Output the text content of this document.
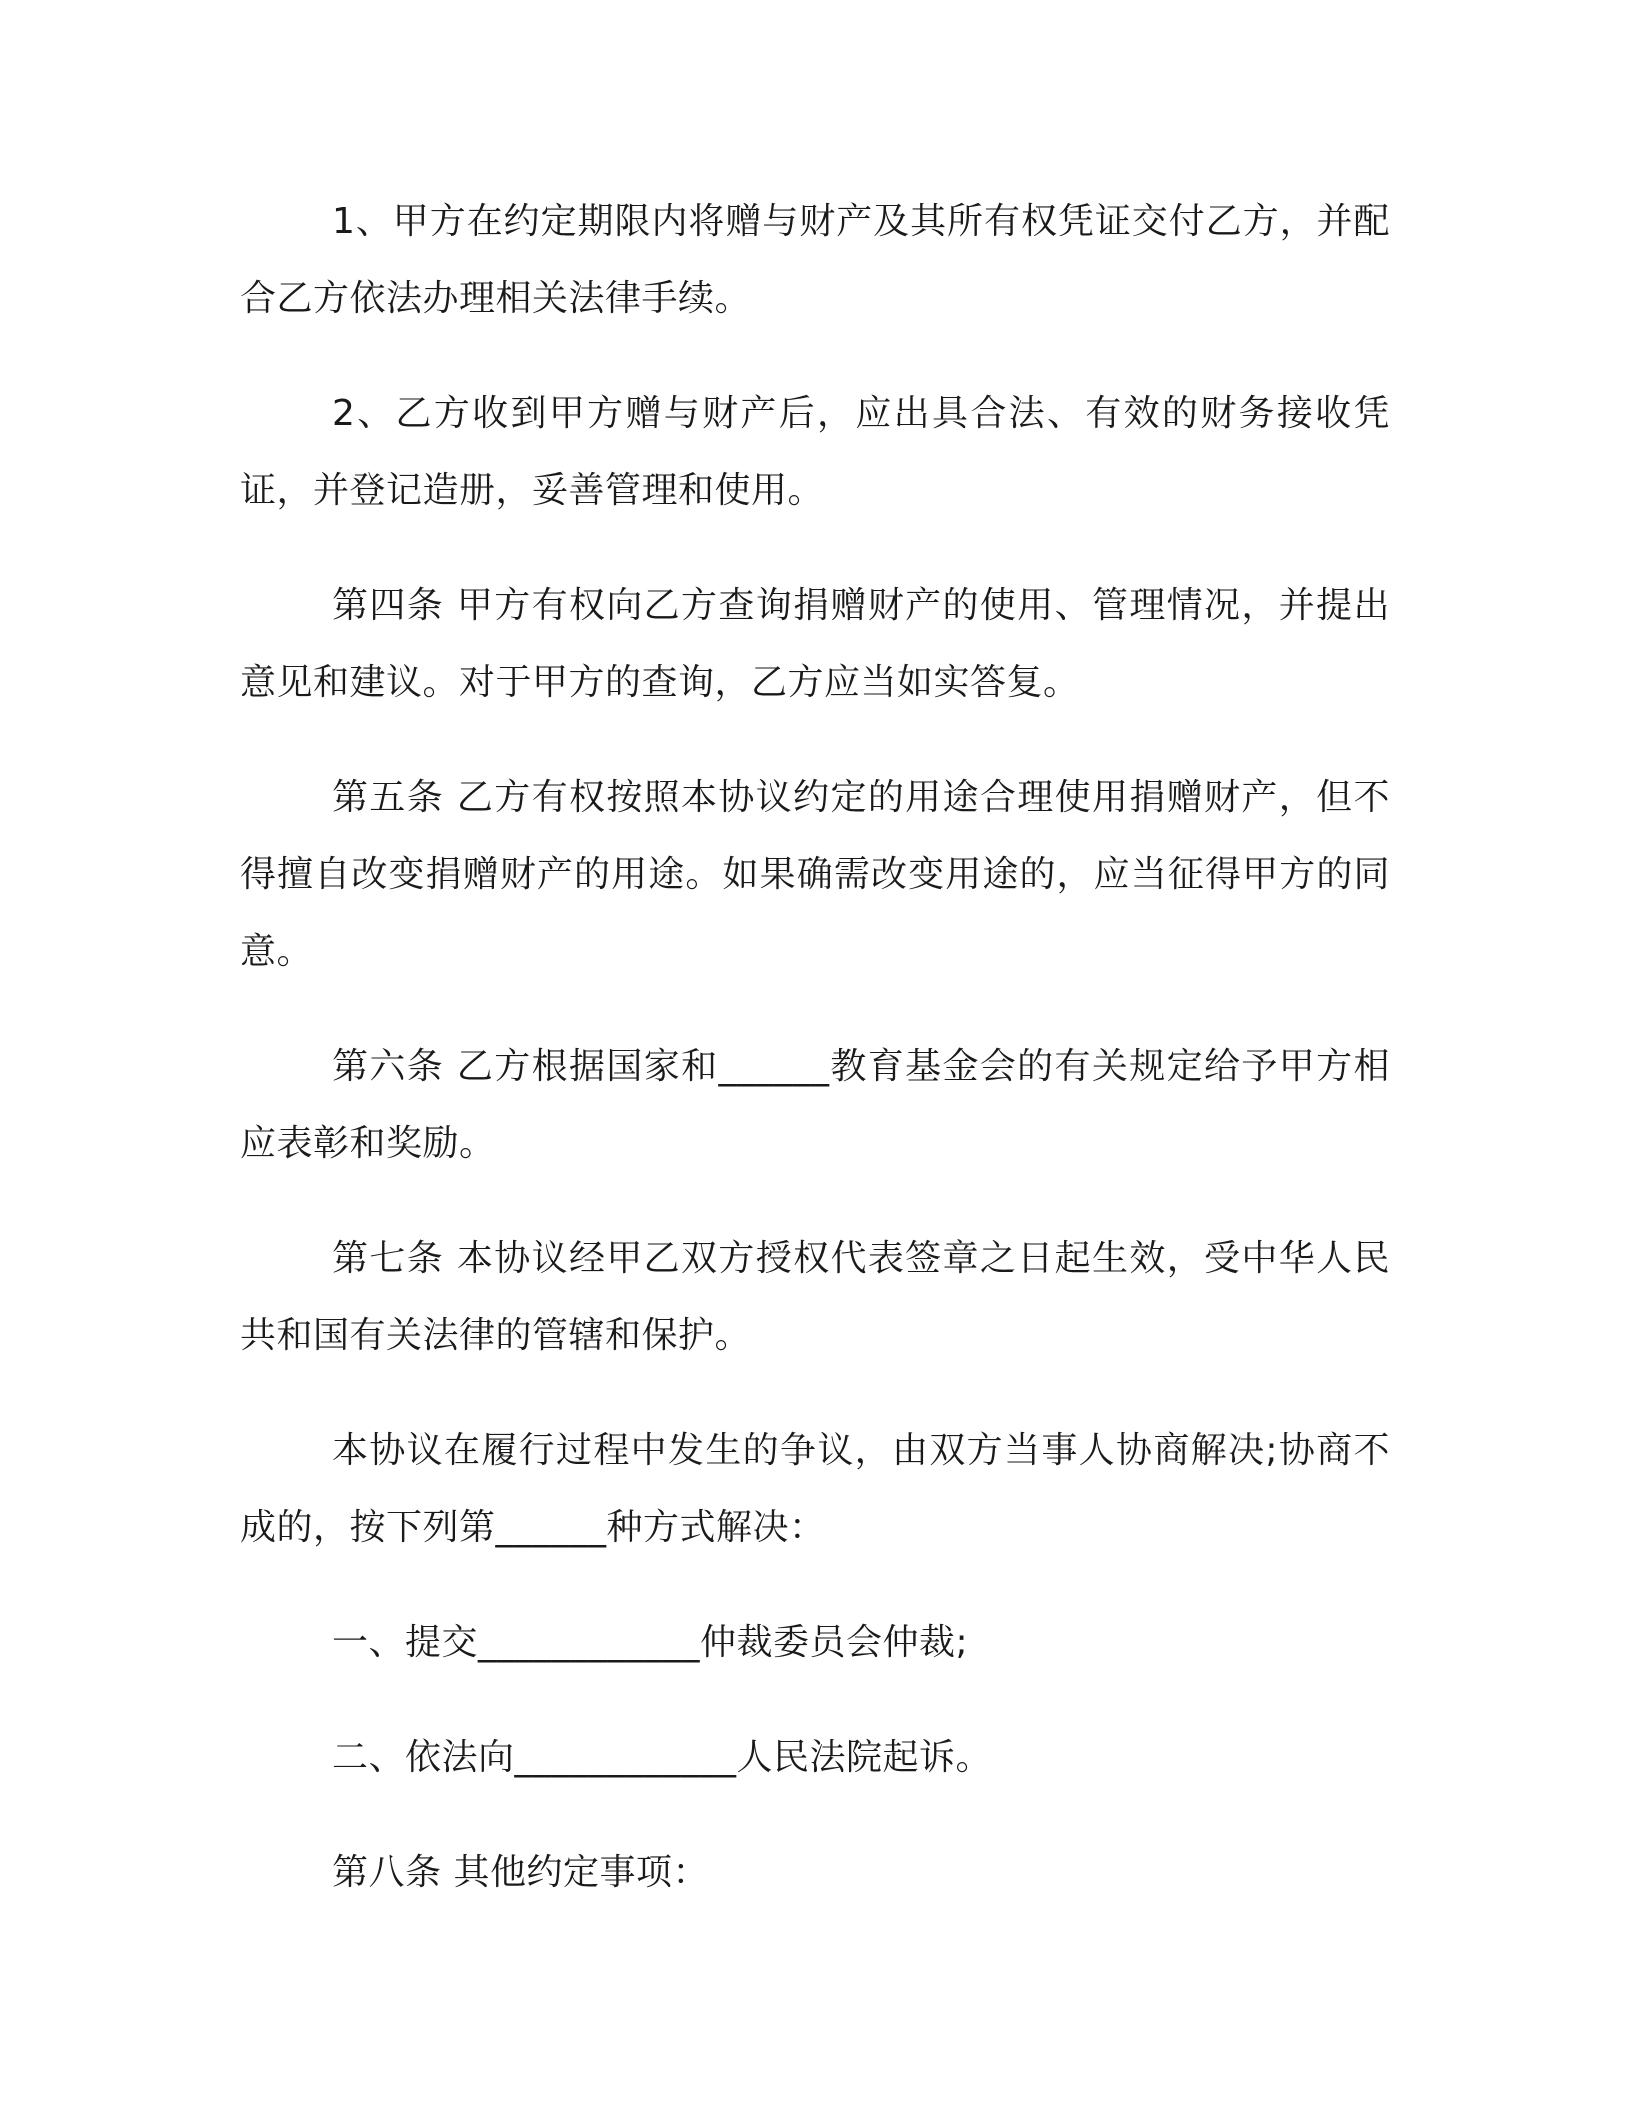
1、甲方在约定期限内将赠与财产及其所有权凭证交付乙方，并配合乙方依法办理相关法律手续。

2、乙方收到甲方赠与财产后，应出具合法、有效的财务接收凭证，并登记造册，妥善管理和使用。

第四条 甲方有权向乙方查询捐赠财产的使用、管理情况，并提出意见和建议。对于甲方的查询，乙方应当如实答复。

第五条 乙方有权按照本协议约定的用途合理使用捐赠财产，但不得擅自改变捐赠财产的用途。如果确需改变用途的，应当征得甲方的同意。

第六条 乙方根据国家和______教育基金会的有关规定给予甲方相应表彰和奖励。

第七条 本协议经甲乙双方授权代表签章之日起生效，受中华人民共和国有关法律的管辖和保护。

本协议在履行过程中发生的争议，由双方当事人协商解决;协商不成的，按下列第______种方式解决：

一、提交____________仲裁委员会仲裁;

二、依法向____________人民法院起诉。

第八条 其他约定事项：
